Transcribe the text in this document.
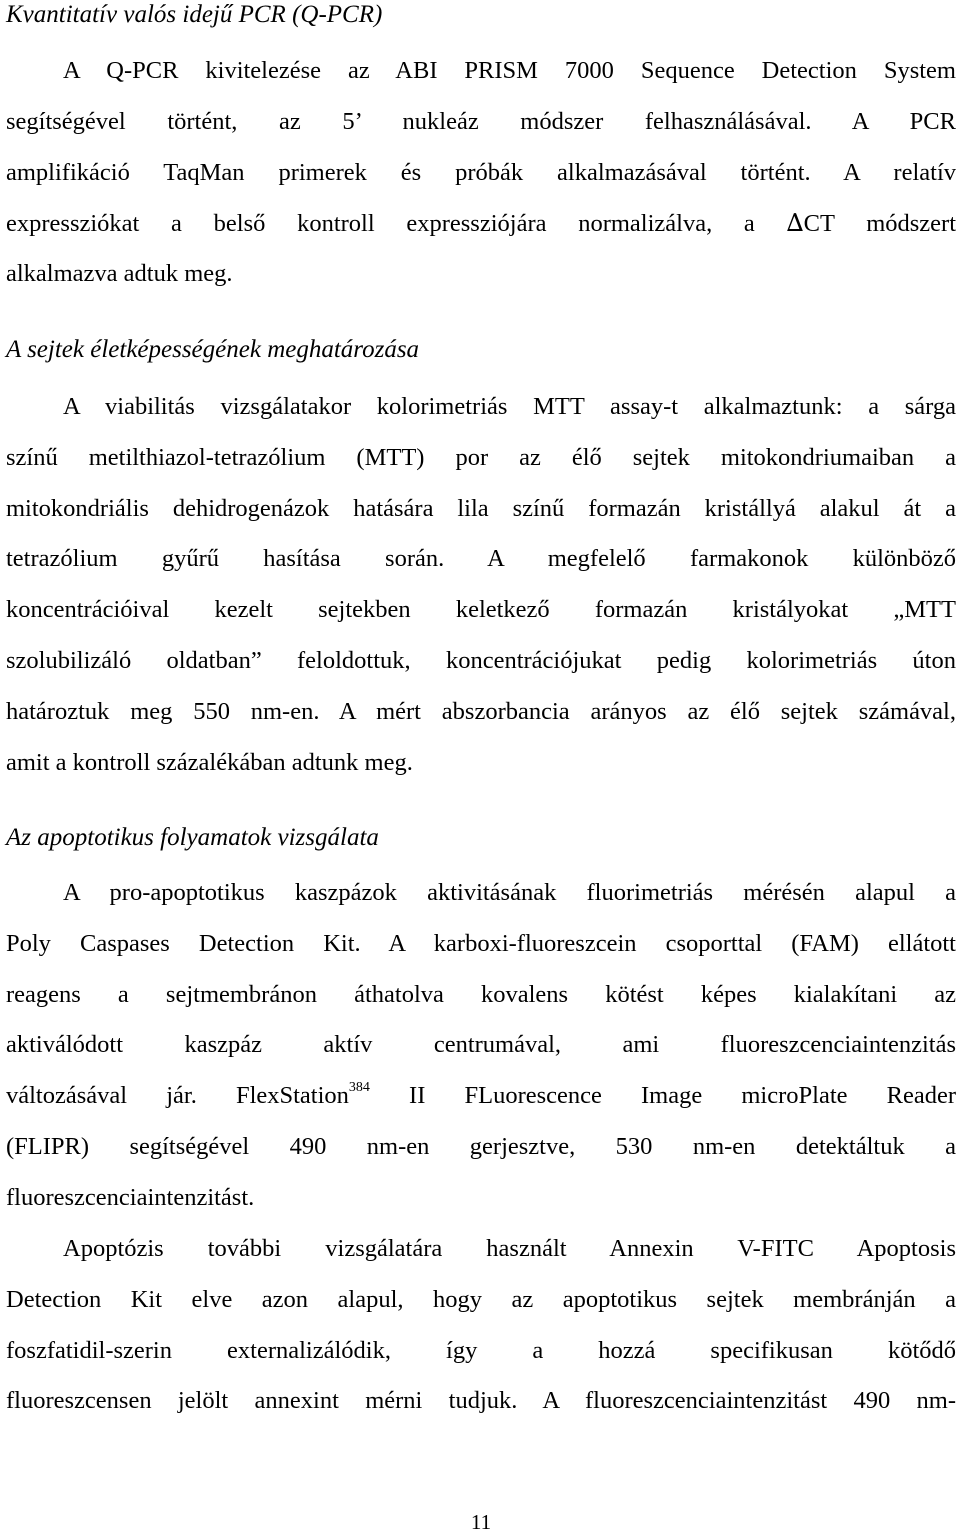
Kvantitatív valós idejű PCR (Q-PCR)

A Q-PCR kivitelezése az ABI PRISM 7000 Sequence Detection System
segítségével történt, az 5’ nukleáz módszer felhasználásával. A PCR
amplifikáció TaqMan primerek és próbák alkalmazásával történt. A relatív
expressziókat a belső kontroll expressziójára normalizálva, a ∆CT módszert
alkalmazva adtuk meg.

A sejtek életképességének meghatározása

A viabilitás vizsgálatakor kolorimetriás MTT assay-t alkalmaztunk: a sárga
színű metilthiazol-tetrazólium (MTT) por az élő sejtek mitokondriumaiban a
mitokondriális dehidrogenázok hatására lila színű formazán kristállyá alakul át a
tetrazólium gyűrű hasítása során. A megfelelő farmakonok különböző
koncentrációival kezelt sejtekben keletkező formazán kristályokat „MTT
szolubilizáló oldatban” feloldottuk, koncentrációjukat pedig kolorimetriás úton
határoztuk meg 550 nm-en. A mért abszorbancia arányos az élő sejtek számával,
amit a kontroll százalékában adtunk meg.

Az apoptotikus folyamatok vizsgálata

A pro-apoptotikus kaszpázok aktivitásának fluorimetriás mérésén alapul a
Poly Caspases Detection Kit. A karboxi-fluoreszcein csoporttal (FAM) ellátott
reagens a sejtmembránon áthatolva kovalens kötést képes kialakítani az
aktiválódott kaszpáz aktív centrumával, ami fluoreszcenciaintenzitás
változásával jár. FlexStation$^{384}$ II FLuorescence Image microPlate Reader
(FLIPR) segítségével 490 nm-en gerjesztve, 530 nm-en detektáltuk a
fluoreszcenciaintenzitást.
Apoptózis további vizsgálatára használt Annexin V-FITC Apoptosis
Detection Kit elve azon alapul, hogy az apoptotikus sejtek membránján a
foszfatidil-szerin externalizálódik, így a hozzá specifikusan kötődő
fluoreszcensen jelölt annexint mérni tudjuk. A fluoreszcenciaintenzitást 490 nm-
11
